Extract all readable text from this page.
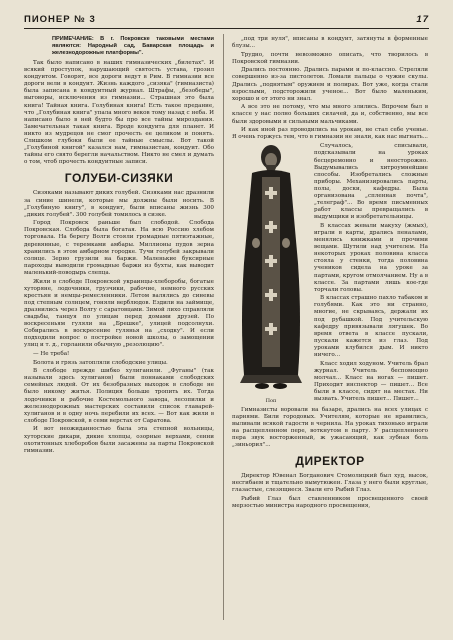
ПИОНЕР № 3	17

ПРИМЕЧАНИЕ: В г. Покровске таковыми местами являются: Народный сад, Баварская площадь и железнодорожные платформы".

Так было написано в наших гимназических „билетах". И всякий проступок, нарушающий святость устава, грозил кондуитом. Говорят, все дороги ведут в Рим. В гимназии все дороги вели в кондуит. Жизнь каждого „сизяка" (гимназиста) была записана в кондуитный журнал. Штрафы, „безобеды", выговоры, исключения из гимназии... Страшная это была книга! Тайная книга. Голубиная книга! Есть такое предание, что „Голубиная книга" упала много веков тому назад с неба. И написано было в ней будто бы про все тайны мироздания. Замечательная такая книга. Вроде кондуита для планет. И никто из мудрецов не смог прочесть ее целиком и понять. Слишком глубоки были ее тайные смыслы. Вот такой „Голубиной книгой" казался нам, гимназистам, кондуит. Обо тайны его свято берегли начальством. Никто не смел и думать о том, чтоб прочесть кондуитные записи.

ГОЛУБИ-СИЗЯКИ

Сизяками называют диких голубей. Сизяками нас дразнили за синие шинели, которые мы должны были носить. В „Голубиную книгу", в кондуит, были вписаны жизнь 300 „диких голубей". 300 голубей томилось в сизке.

Город Покровск раньше был слободой. Слобода Покровская. Слобода была богатая. На всю Россию хлебом торговала. На берегу Волги стояли громадные пятиэтажные, деревянные, с теремками амбары. Миллионы пудов зерна хранились в этом амбарном городке. Тучи голубей закрывали солнце. Зерно грузили на баржи. Маленькие буксирные пароходы выводили громадные баржи из бухты, как выводит маленький-поводырь слепца.

Жили в слободе Покровской украинцы-хлеборобы, богатые хуторяне, лодочники, грузчики, рабочие, немного русских крестьян и немцы-ремесленники. Летом валялись до синевы под степным солнцем, гоняли верблюдов. Ездили на займище, дразнились через Волгу с саратовцами. Зимой лихо справляли свадьбы, танцуя по улицам перед домами друзей. По воскресеньям гуляли на „Брешке", улицей подсолнухи. Собирались в воскресение гулянья на „сходку". И если подходили вопрос о постройке новой школы, о замощении улиц и т. д., горланили обычную „резолюцию".

— Не треба!

Болота и грязь затопляли слободские улицы.

В слободе прежде шибко хулиганили. „Фуганы" (так называли здесь хулиганов) были поннаками слободских семейных людей. От их безобразных выходок в слободе не было никому житья. Полиция больше тропить их. Тогда лодочники и рабочие Костемольного завода, лесопилки и железнодорожных мастерских составили список главарей-хулиганов и в одну ночь перебили их всех. — Вот как жили в слободе Покровской, в семи верстах от Саратова.

И вот неожиданностью была эта степной вольницы, хуторские дикари, дикие хлопцы, озорные верхами, сенни охотитонных хлеборобов были засажены за парты Покровской гимназии.

„под три нуля", вписаны в кондуит, затянуты в форменные блузы...

Трудно, почти невозможно описать, что творилось в Покровской гимназии.

Дрались постоянно. Дрались парами и по-классно. Стреляли совершенно из-за пистолетов. Ломали пальцы о чужие скулы. Дрались „поднятым" оружием и полирах. Вот уже, когда стали взрослыми, подсторожили ученое... Вот было маленьким, хорошо и от этого ни знал.

А все это не потому, что мы много злились. Впрочем был в классе у нас полно больших силачей, да и, собственно, мы все были здоровыми и сильными мальчиками.

И как иной раз проводились на урокам, не стал себе ученье. Я очень горжусь тем, что в гимназии не знали, как нас выгнать...

Поп

Случалось, списывали, подсказывали на уроках бесцеремонно и неосторожно. Выдумывались хитроумнейшие способы. Изобретались сложные приборы. Механизировались парты, полы, доски, кафедры. Была организована „спленная почта", „телеграф"... Во время письменных работ классы превращались в выдумщики и изобретательницы.

В классах жевали макуху (жмых), играли в карты, дрались пеналами, менялись книжками и прочими вещами. Шутили над учителем. На некоторых уроках половина класса стояла у стенки, тогда половина учеников сидела на уроке за партами, кругом отмолчанием. Ну а в классе. За партами лишь кое-где торчали головы.

В классах страшно пахло табаком и голубями. Как это ни странно, многие, не скрываясь, держали их под рубашкой. Под учительскую кафедру привязывали лягушек. Во время ответа в классе пускали, пускали кажется из глаз. Под уроками клубился дым. И никто ничего...

Класс ходил ходуном. Учитель брал журнал. Учитель беспомощно молчал... Класс на ногах — пишет. Приходит инспектор — пишет... Все были в классе, сидят на местах. Ни вызвать. Учитель пишет... Пишет...

Гимназисты воровали на базаре, дрались на всех улицах с парнями. Били городовых. Учителям, которые не нравились, выливали всякой гадости в чернила. На уроках тихонько играли на расщепленном пере, воткнутом в парту. У расщепленного пера звук восторженный, ж ужасающий, как зубная боль „зиньорил"...

ДИРЕКТОР

Директор Ювенал Богданович Стомолицкий был худ, высок, несгибаем и тщательно вымутюжен. Глаза у него были круглые, глазастые, слезящиеся. Звали его Рыбий Глаз.

Рыбий Глаз был ставленником просвещенного своей мерзостью министра народного просвещения,
